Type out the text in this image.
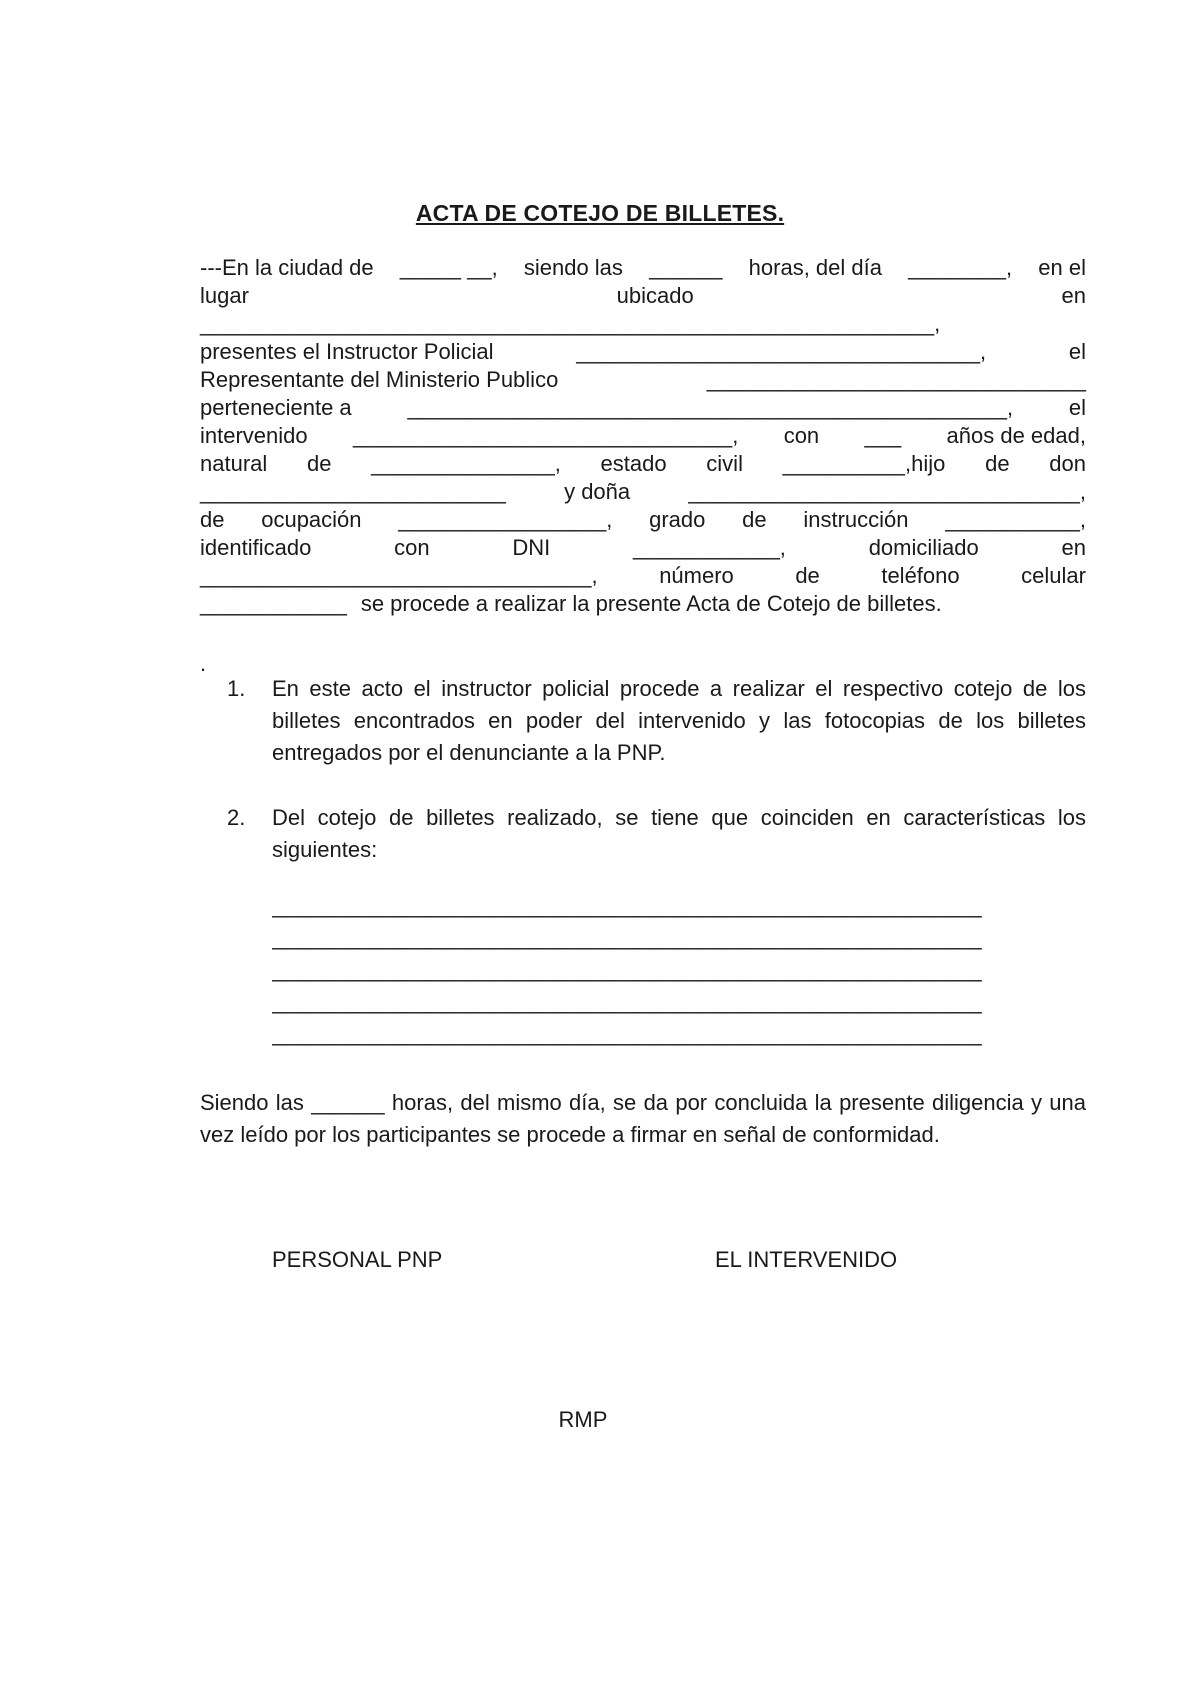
ACTA DE COTEJO DE BILLETES.
---En la ciudad de _____ __, siendo las ______ horas, del día ________, en el
lugar	ubicado	en
____________________________________________________________,
presentes el Instructor Policial	_________________________________,	el
Representante del Ministerio Publico	_______________________________
perteneciente a	_________________________________________________,	el
intervenido _______________________________, con ___ años de edad,
natural de _______________, estado civil __________,hijo de don
_________________________	y doña	________________________________,
de ocupación _________________, grado de instrucción ___________,
identificado	con	DNI	____________,	domiciliado	en
________________________________,	número	de	teléfono	celular
____________ se procede a realizar la presente Acta de Cotejo de billetes.

.

1. En este acto el instructor policial procede a realizar el respectivo cotejo de los billetes encontrados en poder del intervenido y las fotocopias de los billetes entregados por el denunciante a la PNP.
2. Del cotejo de billetes realizado, se tiene que coinciden en características los siguientes:
__________________________________________________________
__________________________________________________________
__________________________________________________________
__________________________________________________________
__________________________________________________________

Siendo las ______ horas, del mismo día, se da por concluida la presente diligencia y una vez leído por los participantes se procede a firmar en señal de conformidad.

PERSONAL PNP	EL INTERVENIDO

RMP
